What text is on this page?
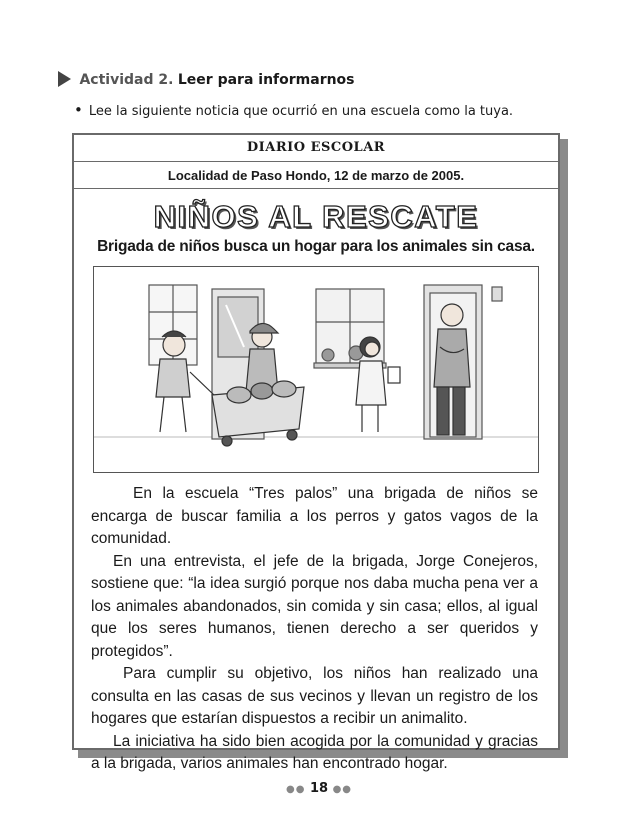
Actividad 2. Leer para informarnos
• Lee la siguiente noticia que ocurrió en una escuela como la tuya.
DIARIO ESCOLAR
Localidad de Paso Hondo, 12 de marzo de 2005.
NIÑOS AL RESCATE
Brigada de niños busca un hogar para los animales sin casa.

En la escuela “Tres palos” una brigada de niños se encarga de buscar familia a los perros y gatos vagos de la comunidad.

En una entrevista, el jefe de la brigada, Jorge Conejeros, sostiene que: “la idea surgió porque nos daba mucha pena ver a los animales abandonados, sin comida y sin casa; ellos, al igual que los seres humanos, tienen derecho a ser queridos y protegidos”.

Para cumplir su objetivo, los niños han realizado una consulta en las casas de sus vecinos y llevan un registro de los hogares que estarían dispuestos a recibir un animalito.

La iniciativa ha sido bien acogida por la comunidad y gracias a la brigada, varios animales han encontrado hogar.

●● 18 ●●
